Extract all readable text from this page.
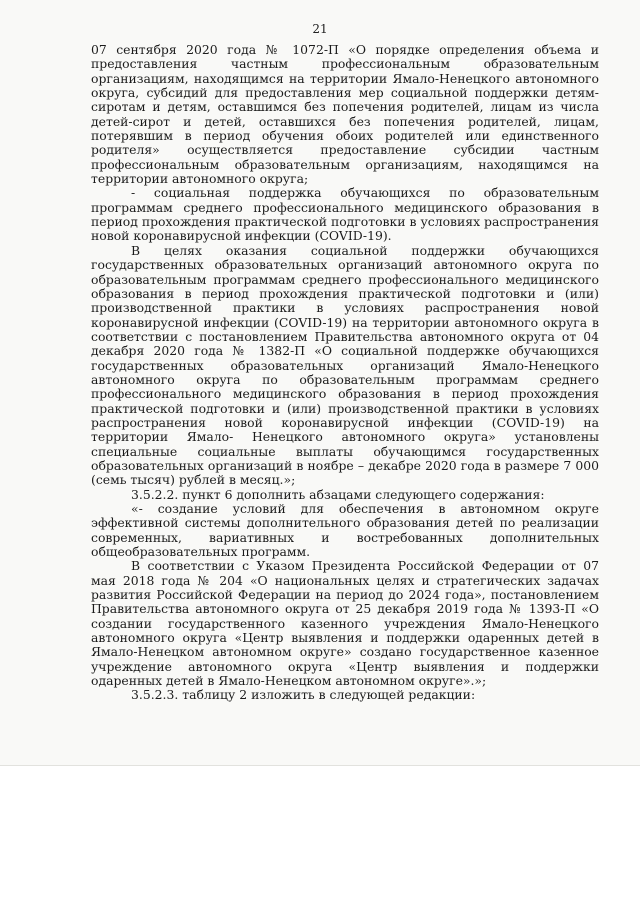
21

07 сентября 2020 года № 1072-П «О порядке определения объема и предоставления частным профессиональным образовательным организациям, находящимся на территории Ямало-Ненецкого автономного округа, субсидий для предоставления мер социальной поддержки детям-сиротам и детям, оставшимся без попечения родителей, лицам из числа детей-сирот и детей, оставшихся без попечения родителей, лицам, потерявшим в период обучения обоих родителей или единственного родителя» осуществляется предоставление субсидии частным профессиональным образовательным организациям, находящимся на территории автономного округа;

- социальная поддержка обучающихся по образовательным программам среднего профессионального медицинского образования в период прохождения практической подготовки в условиях распространения новой коронавирусной инфекции (COVID-19).

В целях оказания социальной поддержки обучающихся государственных образовательных организаций автономного округа по образовательным программам среднего профессионального медицинского образования в период прохождения практической подготовки и (или) производственной практики в условиях распространения новой коронавирусной инфекции (COVID-19) на территории автономного округа в соответствии с постановлением Правительства автономного округа от 04 декабря 2020 года № 1382-П «О социальной поддержке обучающихся государственных образовательных организаций Ямало-Ненецкого автономного округа по образовательным программам среднего профессионального медицинского образования в период прохождения практической подготовки и (или) производственной практики в условиях распространения новой коронавирусной инфекции (COVID-19) на территории Ямало- Ненецкого автономного округа» установлены специальные социальные выплаты обучающимся государственных образовательных организаций в ноябре – декабре 2020 года в размере 7 000 (семь тысяч) рублей в месяц.»;

3.5.2.2. пункт 6 дополнить абзацами следующего содержания:

«- создание условий для обеспечения в автономном округе эффективной системы дополнительного образования детей по реализации современных, вариативных и востребованных дополнительных общеобразовательных программ.

В соответствии с Указом Президента Российской Федерации от 07 мая 2018 года № 204 «О национальных целях и стратегических задачах развития Российской Федерации на период до 2024 года», постановлением Правительства автономного округа от 25 декабря 2019 года № 1393-П «О создании государственного казенного учреждения Ямало-Ненецкого автономного округа «Центр выявления и поддержки одаренных детей в Ямало-Ненецком автономном округе» создано государственное казенное учреждение автономного округа «Центр выявления и поддержки одаренных детей в Ямало-Ненецком автономном округе».»;

3.5.2.3. таблицу 2 изложить в следующей редакции:
